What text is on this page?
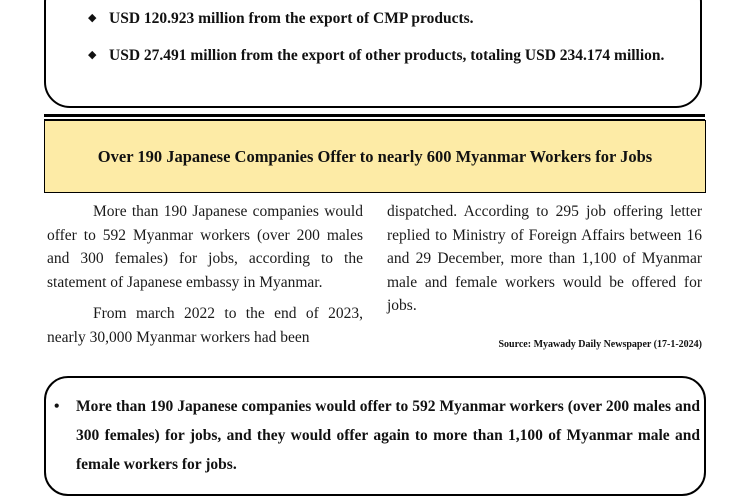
◆ USD 120.923 million from the export of CMP products.
◆ USD 27.491 million from the export of other products, totaling USD 234.174 million.
Over 190 Japanese Companies Offer to nearly 600 Myanmar Workers for Jobs

More than 190 Japanese companies would offer to 592 Myanmar workers (over 200 males and 300 females) for jobs, according to the statement of Japanese embassy in Myanmar.

From march 2022 to the end of 2023, nearly 30,000 Myanmar workers had been

dispatched. According to 295 job offering letter replied to Ministry of Foreign Affairs between 16 and 29 December, more than 1,100 of Myanmar male and female workers would be offered for jobs.

Source: Myawady Daily Newspaper (17-1-2024)
• More than 190 Japanese companies would offer to 592 Myanmar workers (over 200 males and 300 females) for jobs, and they would offer again to more than 1,100 of Myanmar male and female workers for jobs.
